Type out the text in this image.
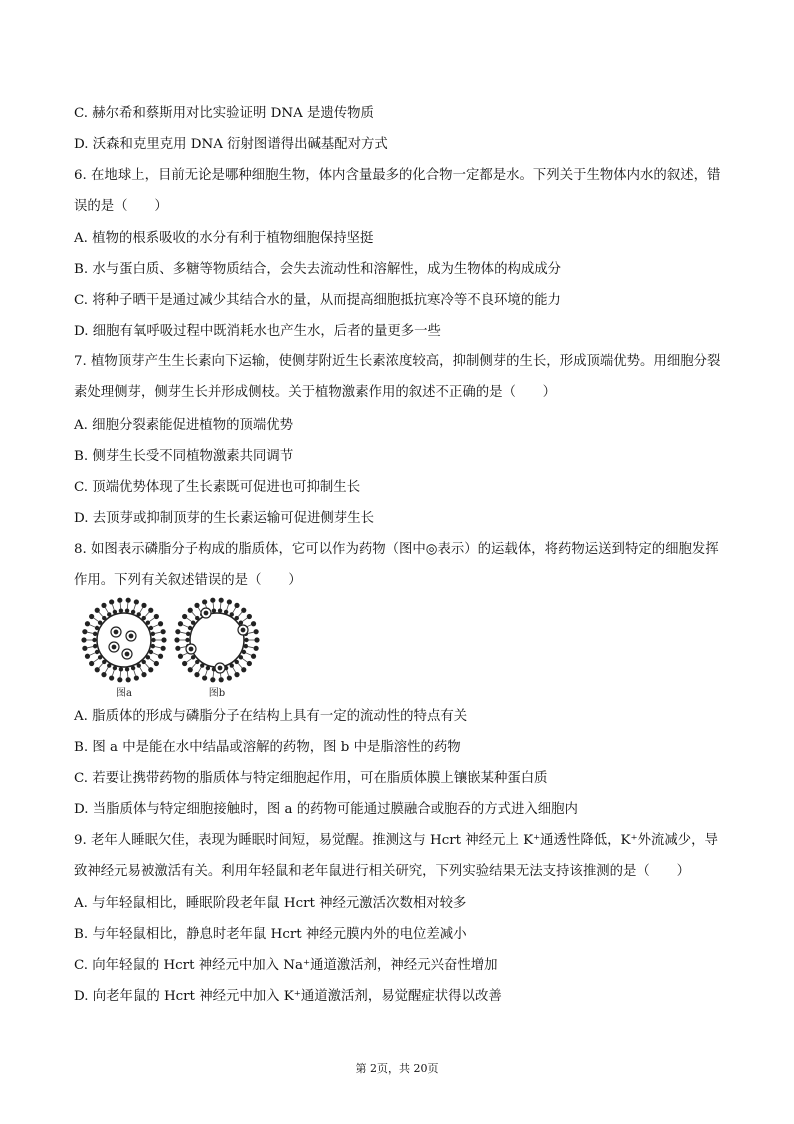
C. 赫尔希和蔡斯用对比实验证明 DNA 是遗传物质
D. 沃森和克里克用 DNA 衍射图谱得出碱基配对方式
6. 在地球上，目前无论是哪种细胞生物，体内含量最多的化合物一定都是水。下列关于生物体内水的叙述，错误的是（　　）
A. 植物的根系吸收的水分有利于植物细胞保持坚挺
B. 水与蛋白质、多糖等物质结合，会失去流动性和溶解性，成为生物体的构成成分
C. 将种子晒干是通过减少其结合水的量，从而提高细胞抵抗寒冷等不良环境的能力
D. 细胞有氧呼吸过程中既消耗水也产生水，后者的量更多一些
7. 植物顶芽产生生长素向下运输，使侧芽附近生长素浓度较高，抑制侧芽的生长，形成顶端优势。用细胞分裂素处理侧芽，侧芽生长并形成侧枝。关于植物激素作用的叙述不正确的是（　　）
A. 细胞分裂素能促进植物的顶端优势
B. 侧芽生长受不同植物激素共同调节
C. 顶端优势体现了生长素既可促进也可抑制生长
D. 去顶芽或抑制顶芽的生长素运输可促进侧芽生长
8. 如图表示磷脂分子构成的脂质体，它可以作为药物（图中◎表示）的运载体，将药物运送到特定的细胞发挥作用。下列有关叙述错误的是（　　）
图a	图b
A. 脂质体的形成与磷脂分子在结构上具有一定的流动性的特点有关
B. 图 a 中是能在水中结晶或溶解的药物，图 b 中是脂溶性的药物
C. 若要让携带药物的脂质体与特定细胞起作用，可在脂质体膜上镶嵌某种蛋白质
D. 当脂质体与特定细胞接触时，图 a 的药物可能通过膜融合或胞吞的方式进入细胞内
9. 老年人睡眠欠佳，表现为睡眠时间短，易觉醒。推测这与 Hcrt 神经元上 K⁺通透性降低，K⁺外流减少，导致神经元易被激活有关。利用年轻鼠和老年鼠进行相关研究，下列实验结果无法支持该推测的是（　　）
A. 与年轻鼠相比，睡眠阶段老年鼠 Hcrt 神经元激活次数相对较多
B. 与年轻鼠相比，静息时老年鼠 Hcrt 神经元膜内外的电位差减小
C. 向年轻鼠的 Hcrt 神经元中加入 Na⁺通道激活剂，神经元兴奋性增加
D. 向老年鼠的 Hcrt 神经元中加入 K⁺通道激活剂，易觉醒症状得以改善
第 2页，共 20页
